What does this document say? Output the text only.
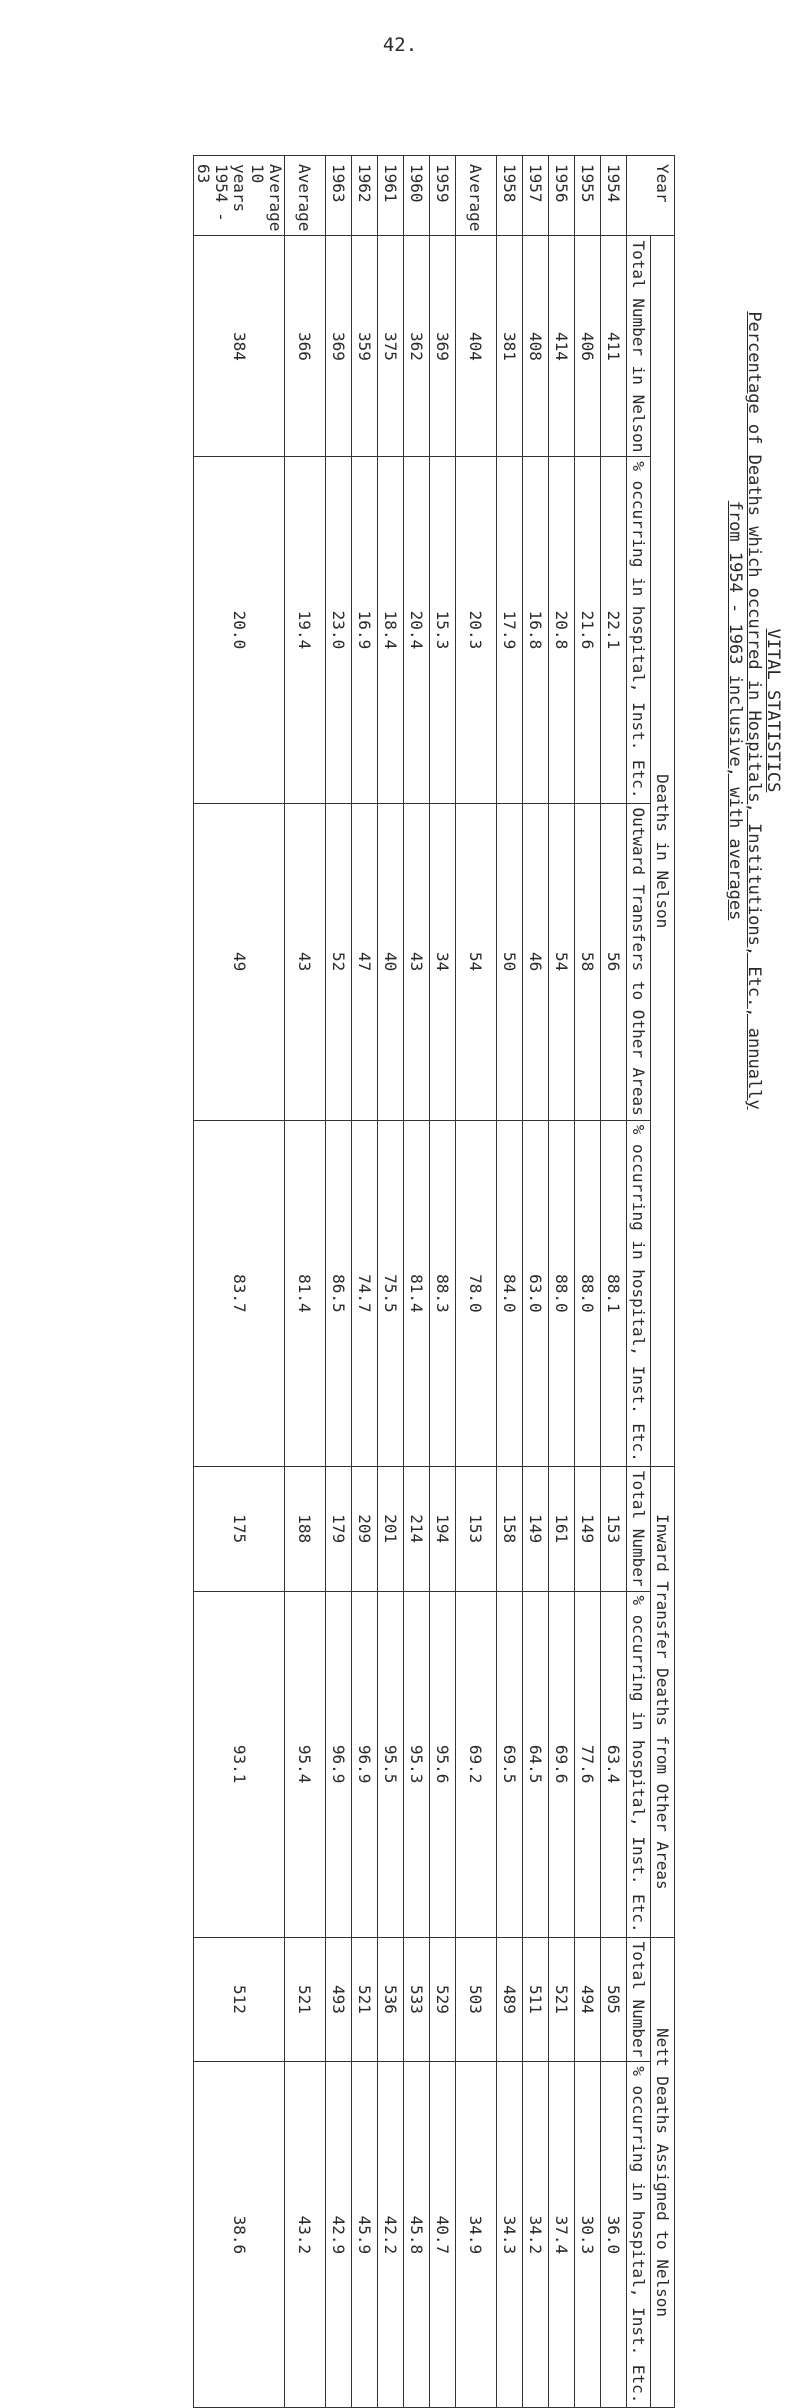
42.
VITAL STATISTICS
Percentage of Deaths which occurred in Hospitals, Institutions, Etc., annually
from 1954 - 1963 inclusive, with averages
Year	Deaths in Nelson				Inward Transfer Deaths from Other Areas		Nett Deaths Assigned to Nelson	
	Total Number in Nelson	% occurring in hospital, Inst. Etc.	Outward Transfers to Other Areas	% occurring in hospital, Inst. Etc.	Total Number	% occurring in hospital, Inst. Etc.	Total Number	% occurring in hospital, Inst. Etc.
1954	411	22.1	56	88.1	153	63.4	505	36.0
1955	406	21.6	58	88.0	149	77.6	494	30.3
1956	414	20.8	54	88.0	161	69.6	521	37.4
1957	408	16.8	46	63.0	149	64.5	511	34.2
1958	381	17.9	50	84.0	158	69.5	489	34.3
Average	404	20.3	54	78.0	153	69.2	503	34.9
1959	369	15.3	34	88.3	194	95.6	529	40.7
1960	362	20.4	43	81.4	214	95.3	533	45.8
1961	375	18.4	40	75.5	201	95.5	536	42.2
1962	359	16.9	47	74.7	209	96.9	521	45.9
1963	369	23.0	52	86.5	179	96.9	493	42.9
Average	366	19.4	43	81.4	188	95.4	521	43.2
Average 10 years 1954 - 63	384	20.0	49	83.7	175	93.1	512	38.6
